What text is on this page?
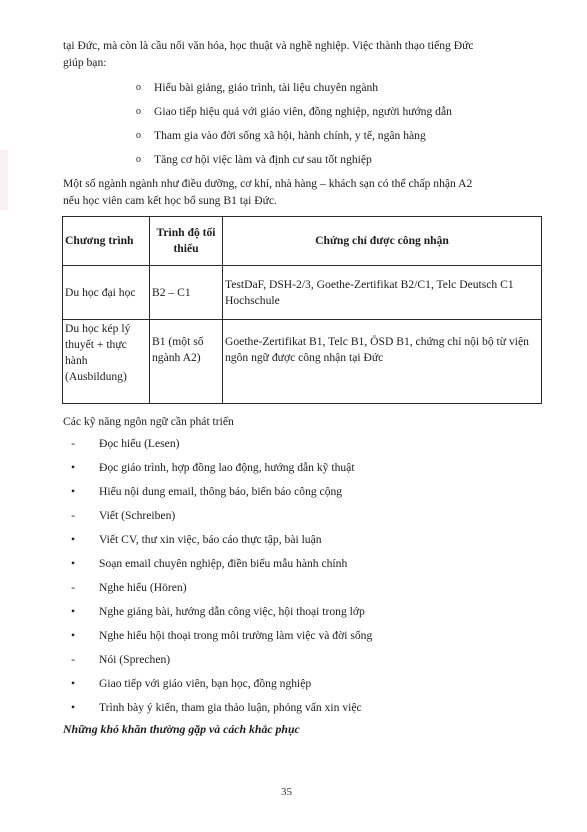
tại Đức, mà còn là cầu nối văn hóa, học thuật và nghề nghiệp. Việc thành thạo tiếng Đức
giúp bạn:
o Hiểu bài giảng, giáo trình, tài liệu chuyên ngành
o Giao tiếp hiệu quả với giáo viên, đồng nghiệp, người hướng dẫn
o Tham gia vào đời sống xã hội, hành chính, y tế, ngân hàng
o Tăng cơ hội việc làm và định cư sau tốt nghiệp
Một số ngành ngành như điều dưỡng, cơ khí, nhà hàng – khách sạn có thể chấp nhận A2
nếu học viên cam kết học bổ sung B1 tại Đức.
Chương trình	Trình độ tối thiểu	Chứng chỉ được công nhận
Du học đại học	B2 – C1	TestDaF, DSH-2/3, Goethe-Zertifikat B2/C1, Telc Deutsch C1 Hochschule
Du học kép lý thuyết + thực hành (Ausbildung)	B1 (một số ngành A2)	Goethe-Zertifikat B1, Telc B1, ÖSD B1, chứng chỉ nội bộ từ viện ngôn ngữ được công nhận tại Đức
Các kỹ năng ngôn ngữ cần phát triển
-	Đọc hiểu (Lesen)
•	Đọc giáo trình, hợp đồng lao động, hướng dẫn kỹ thuật
•	Hiểu nội dung email, thông báo, biển báo công cộng
-	Viết (Schreiben)
•	Viết CV, thư xin việc, báo cáo thực tập, bài luận
•	Soạn email chuyên nghiệp, điền biểu mẫu hành chính
-	Nghe hiểu (Hören)
•	Nghe giảng bài, hướng dẫn công việc, hội thoại trong lớp
•	Nghe hiểu hội thoại trong môi trường làm việc và đời sống
-	Nói (Sprechen)
•	Giao tiếp với giáo viên, bạn học, đồng nghiệp
•	Trình bày ý kiến, tham gia thảo luận, phỏng vấn xin việc
Những khó khăn thường gặp và cách khắc phục
35
